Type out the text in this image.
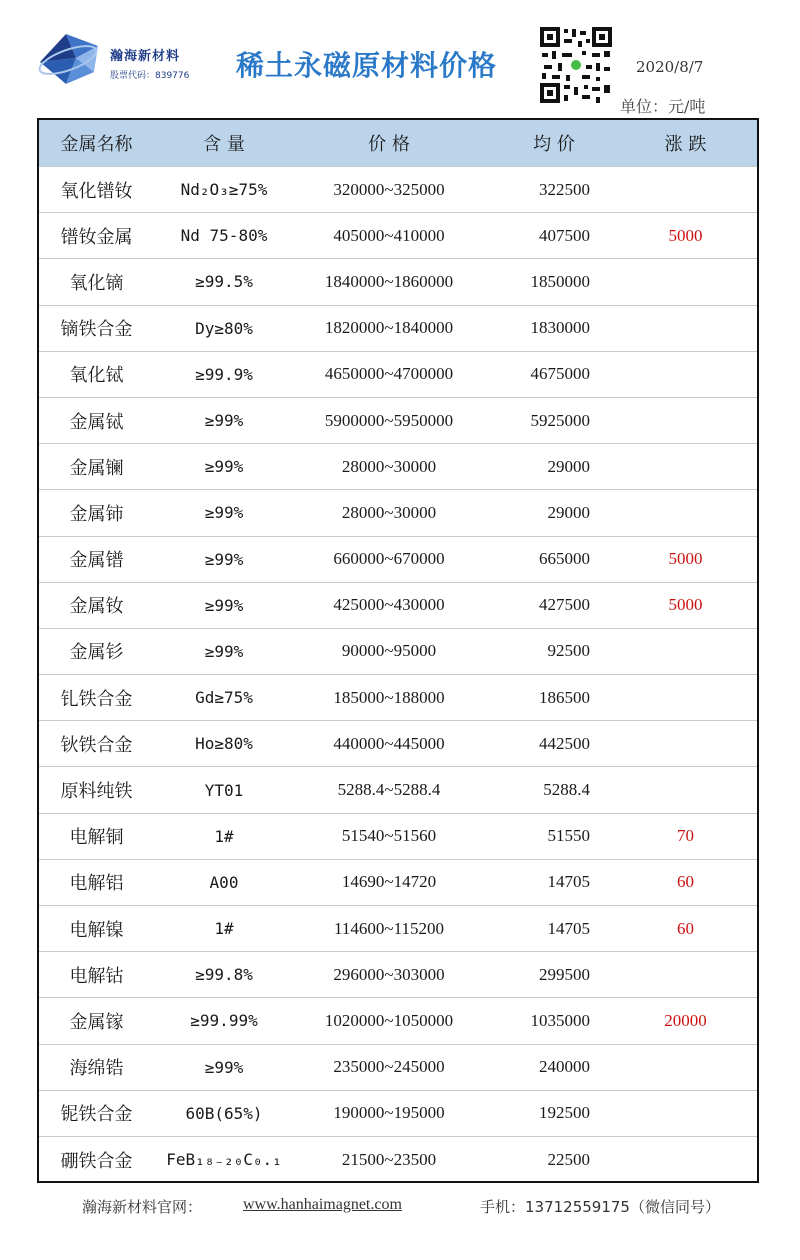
瀚海新材料
股票代码：839776 稀土永磁原材料价格	2020/8/7
单位：元/吨
金属名称	含 量	价 格	均 价	涨 跌
氧化镨钕	Nd₂O₃≥75%	320000~325000	322500
镨钕金属	Nd 75-80%	405000~410000	407500	5000
氧化镝	≥99.5%	1840000~1860000	1850000
镝铁合金	Dy≥80%	1820000~1840000	1830000
氧化铽	≥99.9%	4650000~4700000	4675000
金属铽	≥99%	5900000~5950000	5925000
金属镧	≥99%	28000~30000	29000
金属铈	≥99%	28000~30000	29000
金属镨	≥99%	660000~670000	665000	5000
金属钕	≥99%	425000~430000	427500	5000
金属钐	≥99%	90000~95000	92500
钆铁合金	Gd≥75%	185000~188000	186500
钬铁合金	Ho≥80%	440000~445000	442500
原料纯铁	YT01	5288.4~5288.4	5288.4
电解铜	1#	51540~51560	51550	70
电解铝	A00	14690~14720	14705	60
电解镍	1#	114600~115200	14705	60
电解钴	≥99.8%	296000~303000	299500
金属镓	≥99.99%	1020000~1050000	1035000	20000
海绵锆	≥99%	235000~245000	240000
铌铁合金	60B(65%)	190000~195000	192500
硼铁合金	FeB₁₈₋₂₀C₀.₁	21500~23500	22500
瀚海新材料官网：	www.hanhaimagnet.com	手机：13712559175（微信同号）
